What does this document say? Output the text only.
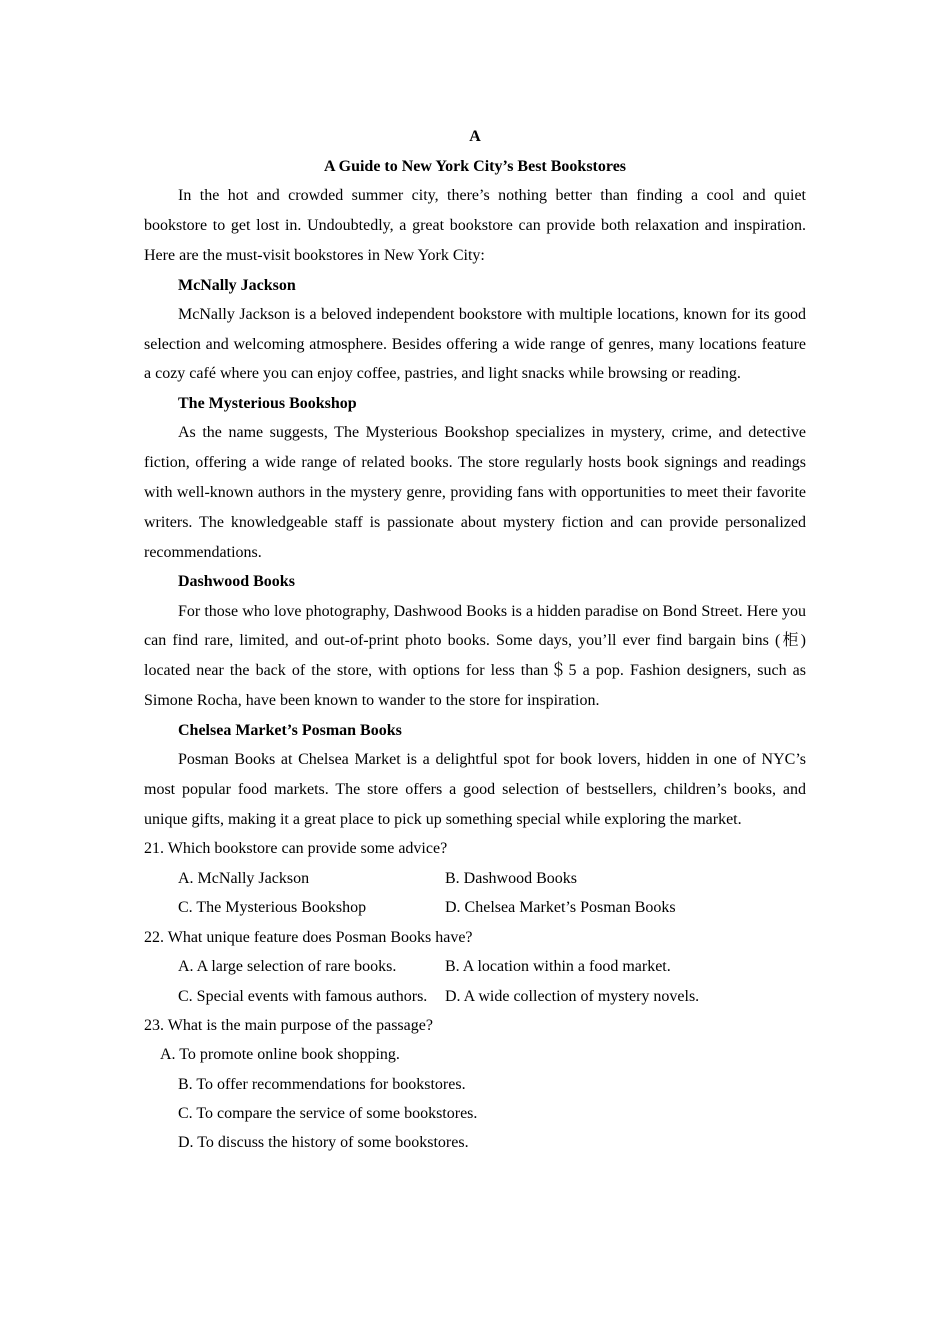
A

A Guide to New York City’s Best Bookstores

In the hot and crowded summer city, there’s nothing better than finding a cool and quiet bookstore to get lost in. Undoubtedly, a great bookstore can provide both relaxation and inspiration. Here are the must-visit bookstores in New York City:

McNally Jackson

McNally Jackson is a beloved independent bookstore with multiple locations, known for its good selection and welcoming atmosphere. Besides offering a wide range of genres, many locations feature a cozy café where you can enjoy coffee, pastries, and light snacks while browsing or reading.

The Mysterious Bookshop

As the name suggests, The Mysterious Bookshop specializes in mystery, crime, and detective fiction, offering a wide range of related books. The store regularly hosts book signings and readings with well-known authors in the mystery genre, providing fans with opportunities to meet their favorite writers. The knowledgeable staff is passionate about mystery fiction and can provide personalized recommendations.

Dashwood Books

For those who love photography, Dashwood Books is a hidden paradise on Bond Street. Here you can find rare, limited, and out-of-print photo books. Some days, you’ll ever find bargain bins (柜) located near the back of the store, with options for less than＄5 a pop. Fashion designers, such as Simone Rocha, have been known to wander to the store for inspiration.

Chelsea Market’s Posman Books

Posman Books at Chelsea Market is a delightful spot for book lovers, hidden in one of NYC’s most popular food markets. The store offers a good selection of bestsellers, children’s books, and unique gifts, making it a great place to pick up something special while exploring the market.

21. Which bookstore can provide some advice?

A. McNally Jackson	B. Dashwood Books
C. The Mysterious Bookshop	D. Chelsea Market’s Posman Books

22. What unique feature does Posman Books have?

A. A large selection of rare books.	B. A location within a food market.
C. Special events with famous authors.	D. A wide collection of mystery novels.

23. What is the main purpose of the passage?

A. To promote online book shopping.

B. To offer recommendations for bookstores.

C. To compare the service of some bookstores.

D. To discuss the history of some bookstores.
